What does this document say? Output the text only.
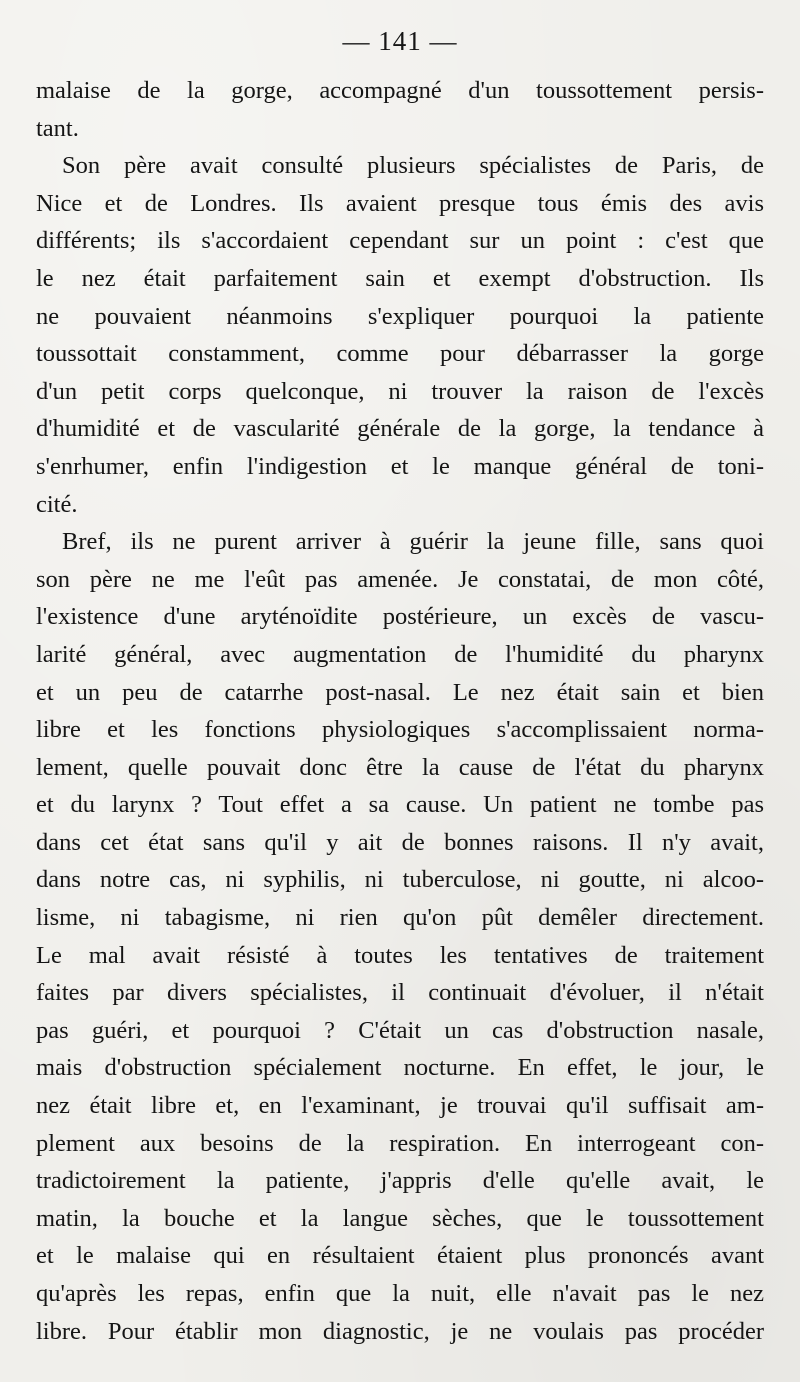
— 141 —
malaise de la gorge, accompagné d'un toussottement persis-
tant.
Son père avait consulté plusieurs spécialistes de Paris, de
Nice et de Londres. Ils avaient presque tous émis des avis
différents; ils s'accordaient cependant sur un point : c'est que
le nez était parfaitement sain et exempt d'obstruction. Ils
ne pouvaient néanmoins s'expliquer pourquoi la patiente
toussottait constamment, comme pour débarrasser la gorge
d'un petit corps quelconque, ni trouver la raison de l'excès
d'humidité et de vascularité générale de la gorge, la tendance à
s'enrhumer, enfin l'indigestion et le manque général de toni-
cité.
Bref, ils ne purent arriver à guérir la jeune fille, sans quoi
son père ne me l'eût pas amenée. Je constatai, de mon côté,
l'existence d'une aryténoïdite postérieure, un excès de vascu-
larité général, avec augmentation de l'humidité du pharynx
et un peu de catarrhe post-nasal. Le nez était sain et bien
libre et les fonctions physiologiques s'accomplissaient norma-
lement, quelle pouvait donc être la cause de l'état du pharynx
et du larynx ? Tout effet a sa cause. Un patient ne tombe pas
dans cet état sans qu'il y ait de bonnes raisons. Il n'y avait,
dans notre cas, ni syphilis, ni tuberculose, ni goutte, ni alcoo-
lisme, ni tabagisme, ni rien qu'on pût demêler directement.
Le mal avait résisté à toutes les tentatives de traitement
faites par divers spécialistes, il continuait d'évoluer, il n'était
pas guéri, et pourquoi ? C'était un cas d'obstruction nasale,
mais d'obstruction spécialement nocturne. En effet, le jour, le
nez était libre et, en l'examinant, je trouvai qu'il suffisait am-
plement aux besoins de la respiration. En interrogeant con-
tradictoirement la patiente, j'appris d'elle qu'elle avait, le
matin, la bouche et la langue sèches, que le toussottement
et le malaise qui en résultaient étaient plus prononcés avant
qu'après les repas, enfin que la nuit, elle n'avait pas le nez
libre. Pour établir mon diagnostic, je ne voulais pas procéder
